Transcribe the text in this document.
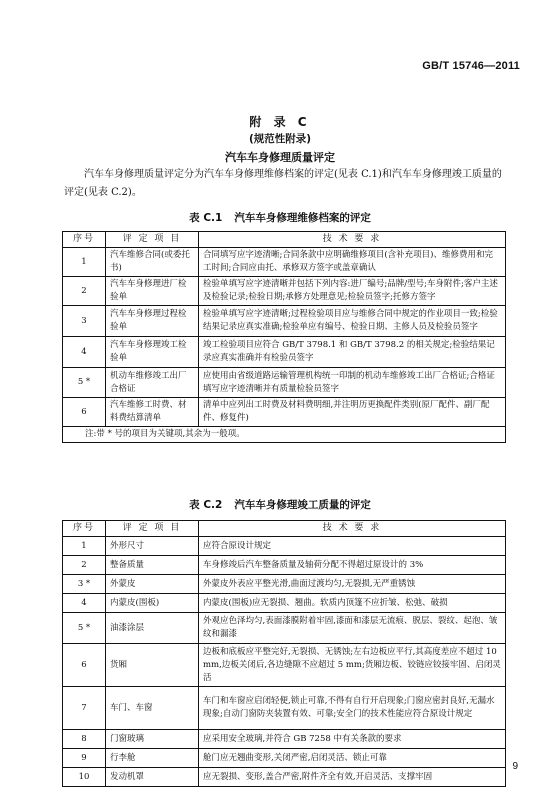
GB/T 15746—2011
附 录 C
(规范性附录)
汽车车身修理质量评定
汽车车身修理质量评定分为汽车车身修理维修档案的评定(见表 C.1)和汽车车身修理竣工质量的评定(见表 C.2)。
表 C.1 汽车车身修理维修档案的评定
序号	评 定 项 目	技 术 要 求
1	汽车维修合同(或委托书)	合同填写应字迹清晰;合同条款中应明确维修项目(含补充项目)、维修费用和完工时间;合同应由托、承修双方签字或盖章确认
2	汽车车身修理进厂检验单	检验单填写应字迹清晰并包括下列内容:进厂编号;品牌/型号;车身附件;客户主述及检验记录;检验日期;承修方处理意见;检验员签字;托修方签字
3	汽车车身修理过程检验单	检验单填写应字迹清晰;过程检验项目应与维修合同中规定的作业项目一致;检验结果记录应真实准确;检验单应有编号、检验日期、主修人员及检验员签字
4	汽车车身修理竣工检验单	竣工检验项目应符合 GB/T 3798.1 和 GB/T 3798.2 的相关规定;检验结果记录应真实准确并有检验员签字
5 *	机动车维修竣工出厂合格证	应使用由省级道路运输管理机构统一印制的机动车维修竣工出厂合格证;合格证填写应字迹清晰并有质量检验员签字
6	汽车维修工时费、材料费结算清单	清单中应列出工时费及材料费明细,并注明历更换配件类别(原厂配件、副厂配件、修复件)
注:带 * 号的项目为关键项,其余为一般项。		
表 C.2 汽车车身修理竣工质量的评定
序号	评 定 项 目	技 术 要 求
1	外形尺寸	应符合原设计规定
2	整备质量	车身修竣后汽车整备质量及轴荷分配不得超过原设计的 3%
3 *	外蒙皮	外蒙皮外表应平整光滑,曲面过渡均匀,无裂损,无严重锈蚀
4	内蒙皮(围板)	内蒙皮(围板)应无裂损、翘曲。软质内顶篷不应折皱、松弛、破损
5 *	油漆涂层	外观应色泽均匀,表面漆膜附着牢固,漆面和漆层无流痕、脱层、裂纹、起泡、皱纹和漏漆
6	货厢	边板和底板应平整完好,无裂损、无锈蚀;左右边板应平行,其高度差应不超过 10 mm,边板关闭后,各边缝隙不应超过 5 mm;货厢边板、铰链应铰接牢固、启闭灵活
7	车门、车窗	车门和车窗应启闭轻便,锁止可靠,不得有自行开启现象;门窗应密封良好,无漏水现象;自动门窗防夹装置有效、可靠;安全门的技术性能应符合原设计规定
8	门窗玻璃	应采用安全玻璃,并符合 GB 7258 中有关条款的要求
9	行李舱	舱门应无翘曲变形,关闭严密,启闭灵活、锁止可靠
10	发动机罩	应无裂损、变形,盖合严密,附件齐全有效,开启灵活、支撑牢固
9
